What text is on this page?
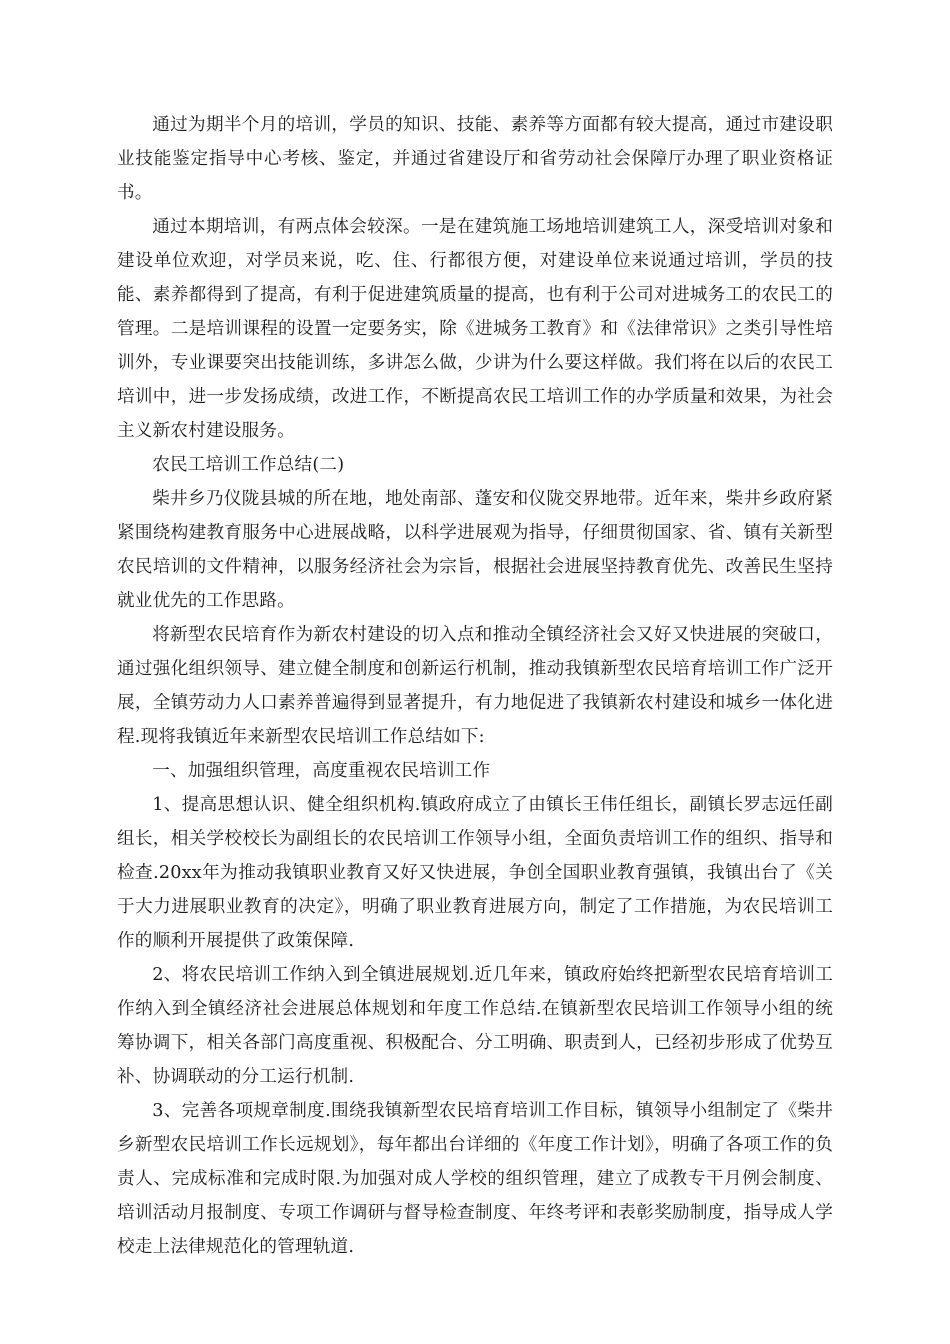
通过为期半个月的培训，学员的知识、技能、素养等方面都有较大提高，通过市建设职业技能鉴定指导中心考核、鉴定，并通过省建设厅和省劳动社会保障厅办理了职业资格证书。

通过本期培训，有两点体会较深。一是在建筑施工场地培训建筑工人，深受培训对象和建设单位欢迎，对学员来说，吃、住、行都很方便，对建设单位来说通过培训，学员的技能、素养都得到了提高，有利于促进建筑质量的提高，也有利于公司对进城务工的农民工的管理。二是培训课程的设置一定要务实，除《进城务工教育》和《法律常识》之类引导性培训外，专业课要突出技能训练，多讲怎么做，少讲为什么要这样做。我们将在以后的农民工培训中，进一步发扬成绩，改进工作，不断提高农民工培训工作的办学质量和效果，为社会主义新农村建设服务。

农民工培训工作总结(二)

柴井乡乃仪陇县城的所在地，地处南部、蓬安和仪陇交界地带。近年来，柴井乡政府紧紧围绕构建教育服务中心进展战略，以科学进展观为指导，仔细贯彻国家、省、镇有关新型农民培训的文件精神，以服务经济社会为宗旨，根据社会进展坚持教育优先、改善民生坚持就业优先的工作思路。

将新型农民培育作为新农村建设的切入点和推动全镇经济社会又好又快进展的突破口，通过强化组织领导、建立健全制度和创新运行机制，推动我镇新型农民培育培训工作广泛开展，全镇劳动力人口素养普遍得到显著提升，有力地促进了我镇新农村建设和城乡一体化进程.现将我镇近年来新型农民培训工作总结如下:

一、加强组织管理，高度重视农民培训工作

1、提高思想认识、健全组织机构.镇政府成立了由镇长王伟任组长，副镇长罗志远任副组长，相关学校校长为副组长的农民培训工作领导小组，全面负责培训工作的组织、指导和检查.20xx年为推动我镇职业教育又好又快进展，争创全国职业教育强镇，我镇出台了《关于大力进展职业教育的决定》，明确了职业教育进展方向，制定了工作措施，为农民培训工作的顺利开展提供了政策保障.

2、将农民培训工作纳入到全镇进展规划.近几年来，镇政府始终把新型农民培育培训工作纳入到全镇经济社会进展总体规划和年度工作总结.在镇新型农民培训工作领导小组的统筹协调下，相关各部门高度重视、积极配合、分工明确、职责到人，已经初步形成了优势互补、协调联动的分工运行机制.

3、完善各项规章制度.围绕我镇新型农民培育培训工作目标，镇领导小组制定了《柴井乡新型农民培训工作长远规划》，每年都出台详细的《年度工作计划》，明确了各项工作的负责人、完成标准和完成时限.为加强对成人学校的组织管理，建立了成教专干月例会制度、培训活动月报制度、专项工作调研与督导检查制度、年终考评和表彰奖励制度，指导成人学校走上法律规范化的管理轨道.
